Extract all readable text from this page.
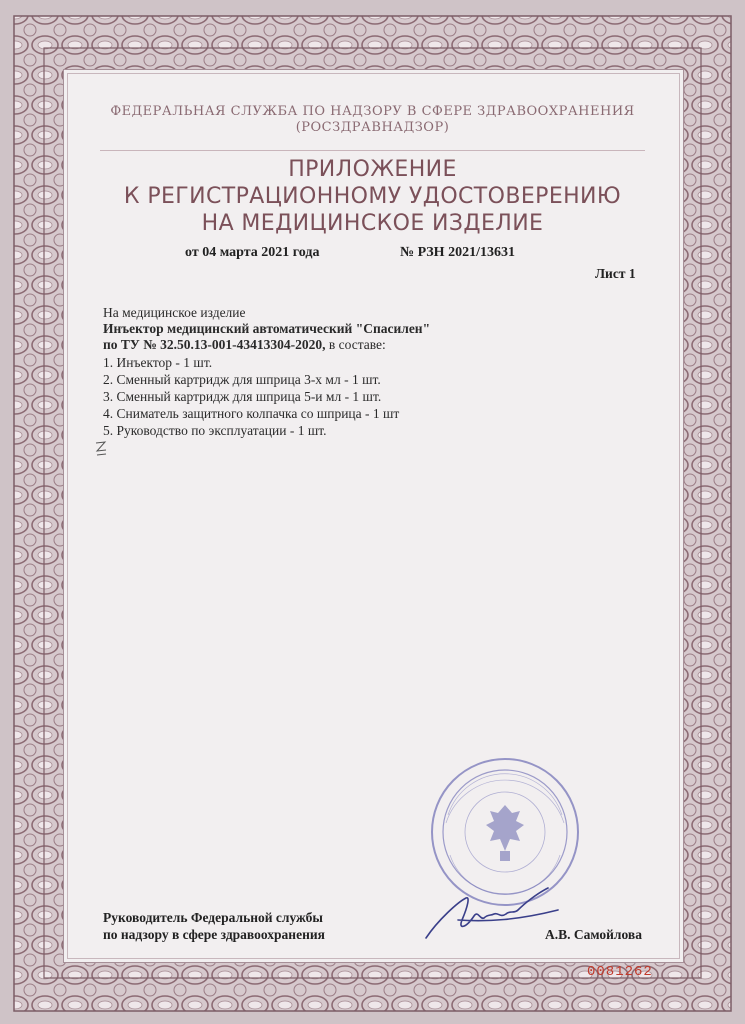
ФЕДЕРАЛЬНАЯ СЛУЖБА ПО НАДЗОРУ В СФЕРЕ ЗДРАВООХРАНЕНИЯ
(РОСЗДРАВНАДЗОР)
ПРИЛОЖЕНИЕ
К РЕГИСТРАЦИОННОМУ УДОСТОВЕРЕНИЮ
НА МЕДИЦИНСКОЕ ИЗДЕЛИЕ
от 04 марта 2021 года	№ РЗН 2021/13631
Лист 1
На медицинское изделие
Инъектор медицинский автоматический "Спасилен"
по ТУ № 32.50.13-001-43413304-2020, в составе:
1. Инъектор - 1 шт.
2. Сменный картридж для шприца 3-х мл - 1 шт.
3. Сменный картридж для шприца 5-и мл - 1 шт.
4. Сниматель защитного колпачка со шприца - 1 шт
5. Руководство по эксплуатации - 1 шт.
Руководитель Федеральной службы
по надзору в сфере здравоохранения	А.В. Самойлова
0081262
